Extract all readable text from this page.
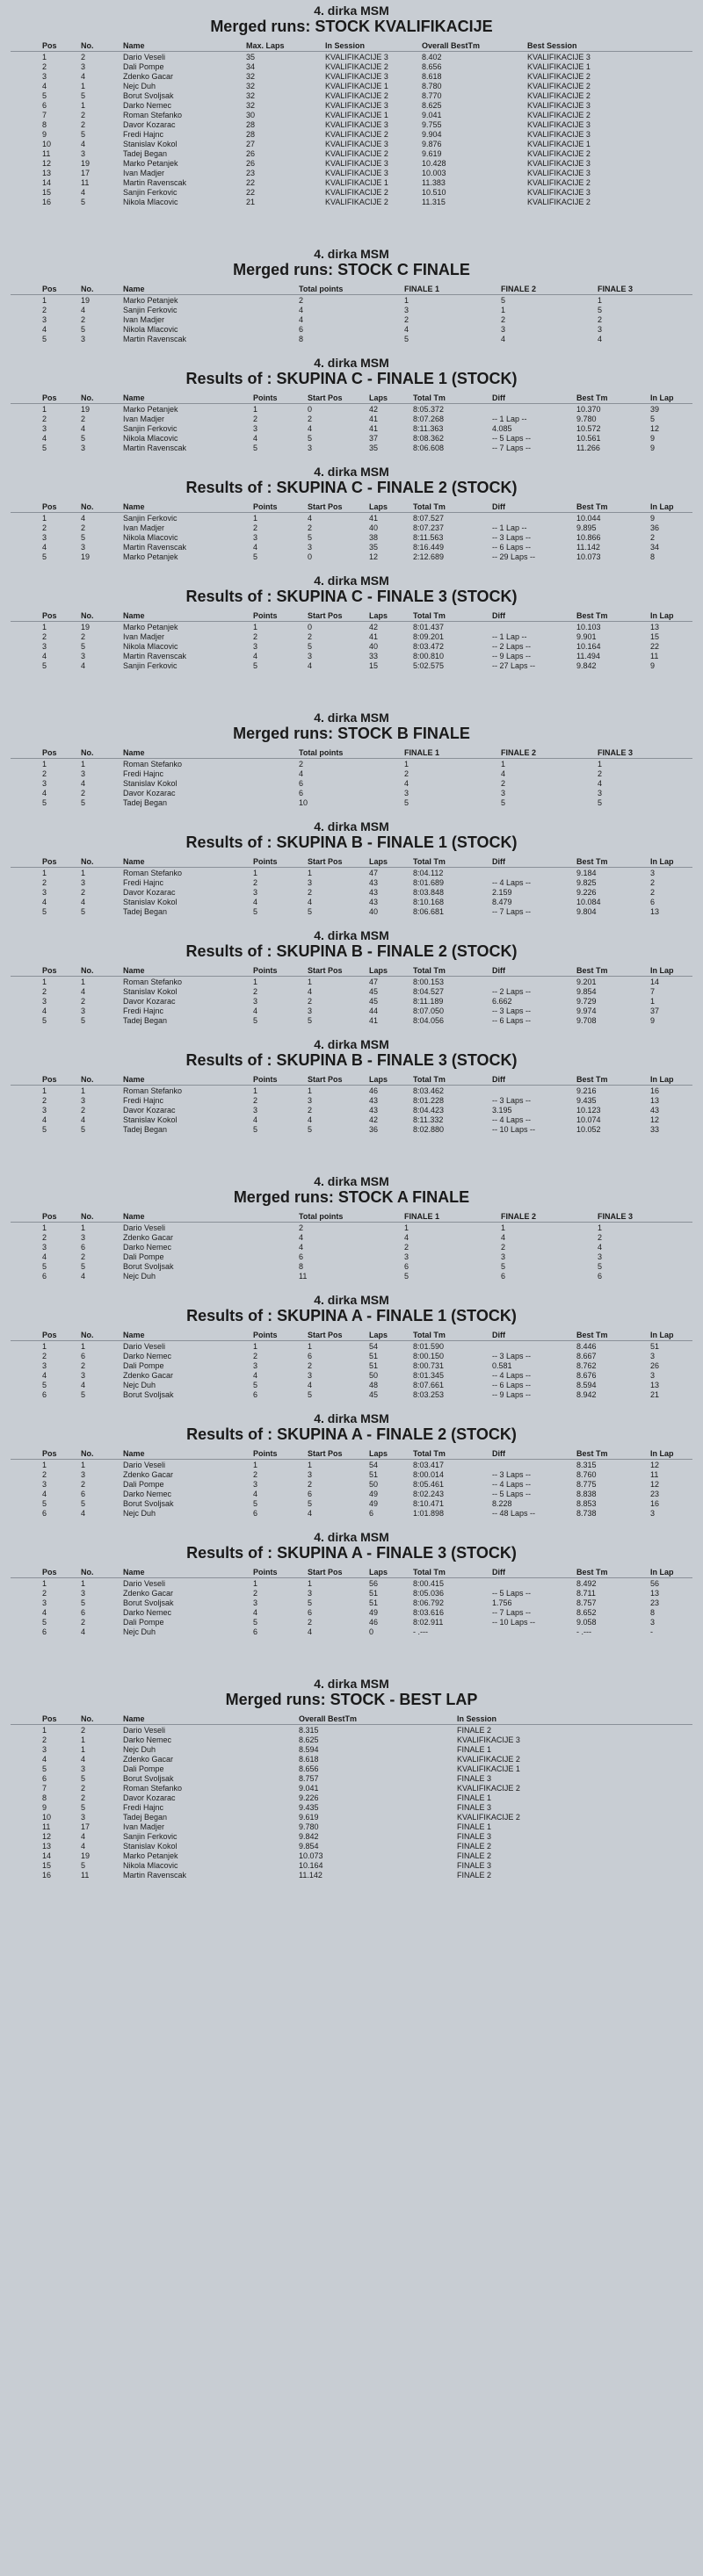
4. dirka MSM
Merged runs: STOCK KVALIFIKACIJE
Pos	No.	Name	Max. Laps	In Session	Overall BestTm	Best Session
1	2	Dario Veseli	35	KVALIFIKACIJE 3	8.402	KVALIFIKACIJE 3
2	3	Dali Pompe	34	KVALIFIKACIJE 2	8.656	KVALIFIKACIJE 1
3	4	Zdenko Gacar	32	KVALIFIKACIJE 3	8.618	KVALIFIKACIJE 2
4	1	Nejc Duh	32	KVALIFIKACIJE 1	8.780	KVALIFIKACIJE 2
5	5	Borut Svoljsak	32	KVALIFIKACIJE 2	8.770	KVALIFIKACIJE 2
6	1	Darko Nemec	32	KVALIFIKACIJE 3	8.625	KVALIFIKACIJE 3
7	2	Roman Stefanko	30	KVALIFIKACIJE 1	9.041	KVALIFIKACIJE 2
8	2	Davor Kozarac	28	KVALIFIKACIJE 3	9.755	KVALIFIKACIJE 3
9	5	Fredi Hajnc	28	KVALIFIKACIJE 2	9.904	KVALIFIKACIJE 3
10	4	Stanislav Kokol	27	KVALIFIKACIJE 3	9.876	KVALIFIKACIJE 1
11	3	Tadej Began	26	KVALIFIKACIJE 2	9.619	KVALIFIKACIJE 2
12	19	Marko Petanjek	26	KVALIFIKACIJE 3	10.428	KVALIFIKACIJE 3
13	17	Ivan Madjer	23	KVALIFIKACIJE 3	10.003	KVALIFIKACIJE 3
14	11	Martin Ravenscak	22	KVALIFIKACIJE 1	11.383	KVALIFIKACIJE 2
15	4	Sanjin Ferkovic	22	KVALIFIKACIJE 2	10.510	KVALIFIKACIJE 3
16	5	Nikola Mlacovic	21	KVALIFIKACIJE 2	11.315	KVALIFIKACIJE 2
4. dirka MSM
Merged runs: STOCK C FINALE
Pos	No.	Name	Total points	FINALE 1	FINALE 2	FINALE 3
1	19	Marko Petanjek	2	1	5	1
2	4	Sanjin Ferkovic	4	3	1	5
3	2	Ivan Madjer	4	2	2	2
4	5	Nikola Mlacovic	6	4	3	3
5	3	Martin Ravenscak	8	5	4	4
4. dirka MSM
Results of : SKUPINA C - FINALE 1 (STOCK)
Pos	No.	Name	Points	Start Pos	Laps	Total Tm	Diff	Best Tm	In Lap
1	19	Marko Petanjek	1	0	42	8:05.372		10.370	39
2	2	Ivan Madjer	2	2	41	8:07.268	-- 1 Lap --	9.780	5
3	4	Sanjin Ferkovic	3	4	41	8:11.363	4.085	10.572	12
4	5	Nikola Mlacovic	4	5	37	8:08.362	-- 5 Laps --	10.561	9
5	3	Martin Ravenscak	5	3	35	8:06.608	-- 7 Laps --	11.266	9
4. dirka MSM
Results of : SKUPINA C - FINALE 2 (STOCK)
Pos	No.	Name	Points	Start Pos	Laps	Total Tm	Diff	Best Tm	In Lap
1	4	Sanjin Ferkovic	1	4	41	8:07.527		10.044	9
2	2	Ivan Madjer	2	2	40	8:07.237	-- 1 Lap --	9.895	36
3	5	Nikola Mlacovic	3	5	38	8:11.563	-- 3 Laps --	10.866	2
4	3	Martin Ravenscak	4	3	35	8:16.449	-- 6 Laps --	11.142	34
5	19	Marko Petanjek	5	0	12	2:12.689	-- 29 Laps --	10.073	8
4. dirka MSM
Results of : SKUPINA C - FINALE 3 (STOCK)
Pos	No.	Name	Points	Start Pos	Laps	Total Tm	Diff	Best Tm	In Lap
1	19	Marko Petanjek	1	0	42	8:01.437		10.103	13
2	2	Ivan Madjer	2	2	41	8:09.201	-- 1 Lap --	9.901	15
3	5	Nikola Mlacovic	3	5	40	8:03.472	-- 2 Laps --	10.164	22
4	3	Martin Ravenscak	4	3	33	8:00.810	-- 9 Laps --	11.494	11
5	4	Sanjin Ferkovic	5	4	15	5:02.575	-- 27 Laps --	9.842	9
4. dirka MSM
Merged runs: STOCK B FINALE
Pos	No.	Name	Total points	FINALE 1	FINALE 2	FINALE 3
1	1	Roman Stefanko	2	1	1	1
2	3	Fredi Hajnc	4	2	4	2
3	4	Stanislav Kokol	6	4	2	4
4	2	Davor Kozarac	6	3	3	3
5	5	Tadej Began	10	5	5	5
4. dirka MSM
Results of : SKUPINA B - FINALE 1 (STOCK)
Pos	No.	Name	Points	Start Pos	Laps	Total Tm	Diff	Best Tm	In Lap
1	1	Roman Stefanko	1	1	47	8:04.112		9.184	3
2	3	Fredi Hajnc	2	3	43	8:01.689	-- 4 Laps --	9.825	2
3	2	Davor Kozarac	3	2	43	8:03.848	2.159	9.226	2
4	4	Stanislav Kokol	4	4	43	8:10.168	8.479	10.084	6
5	5	Tadej Began	5	5	40	8:06.681	-- 7 Laps --	9.804	13
4. dirka MSM
Results of : SKUPINA B - FINALE 2 (STOCK)
Pos	No.	Name	Points	Start Pos	Laps	Total Tm	Diff	Best Tm	In Lap
1	1	Roman Stefanko	1	1	47	8:00.153		9.201	14
2	4	Stanislav Kokol	2	4	45	8:04.527	-- 2 Laps --	9.854	7
3	2	Davor Kozarac	3	2	45	8:11.189	6.662	9.729	1
4	3	Fredi Hajnc	4	3	44	8:07.050	-- 3 Laps --	9.974	37
5	5	Tadej Began	5	5	41	8:04.056	-- 6 Laps --	9.708	9
4. dirka MSM
Results of : SKUPINA B - FINALE 3 (STOCK)
Pos	No.	Name	Points	Start Pos	Laps	Total Tm	Diff	Best Tm	In Lap
1	1	Roman Stefanko	1	1	46	8:03.462		9.216	16
2	3	Fredi Hajnc	2	3	43	8:01.228	-- 3 Laps --	9.435	13
3	2	Davor Kozarac	3	2	43	8:04.423	3.195	10.123	43
4	4	Stanislav Kokol	4	4	42	8:11.332	-- 4 Laps --	10.074	12
5	5	Tadej Began	5	5	36	8:02.880	-- 10 Laps --	10.052	33
4. dirka MSM
Merged runs: STOCK A FINALE
Pos	No.	Name	Total points	FINALE 1	FINALE 2	FINALE 3
1	1	Dario Veseli	2	1	1	1
2	3	Zdenko Gacar	4	4	4	2
3	6	Darko Nemec	4	2	2	4
4	2	Dali Pompe	6	3	3	3
5	5	Borut Svoljsak	8	6	5	5
6	4	Nejc Duh	11	5	6	6
4. dirka MSM
Results of : SKUPINA A - FINALE 1 (STOCK)
Pos	No.	Name	Points	Start Pos	Laps	Total Tm	Diff	Best Tm	In Lap
1	1	Dario Veseli	1	1	54	8:01.590		8.446	51
2	6	Darko Nemec	2	6	51	8:00.150	-- 3 Laps --	8.667	3
3	2	Dali Pompe	3	2	51	8:00.731	0.581	8.762	26
4	3	Zdenko Gacar	4	3	50	8:01.345	-- 4 Laps --	8.676	3
5	4	Nejc Duh	5	4	48	8:07.661	-- 6 Laps --	8.594	13
6	5	Borut Svoljsak	6	5	45	8:03.253	-- 9 Laps --	8.942	21
4. dirka MSM
Results of : SKUPINA A - FINALE 2 (STOCK)
Pos	No.	Name	Points	Start Pos	Laps	Total Tm	Diff	Best Tm	In Lap
1	1	Dario Veseli	1	1	54	8:03.417		8.315	12
2	3	Zdenko Gacar	2	3	51	8:00.014	-- 3 Laps --	8.760	11
3	2	Dali Pompe	3	2	50	8:05.461	-- 4 Laps --	8.775	12
4	6	Darko Nemec	4	6	49	8:02.243	-- 5 Laps --	8.838	23
5	5	Borut Svoljsak	5	5	49	8:10.471	8.228	8.853	16
6	4	Nejc Duh	6	4	6	1:01.898	-- 48 Laps --	8.738	3
4. dirka MSM
Results of : SKUPINA A - FINALE 3 (STOCK)
Pos	No.	Name	Points	Start Pos	Laps	Total Tm	Diff	Best Tm	In Lap
1	1	Dario Veseli	1	1	56	8:00.415		8.492	56
2	3	Zdenko Gacar	2	3	51	8:05.036	-- 5 Laps --	8.711	13
3	5	Borut Svoljsak	3	5	51	8:06.792	1.756	8.757	23
4	6	Darko Nemec	4	6	49	8:03.616	-- 7 Laps --	8.652	8
5	2	Dali Pompe	5	2	46	8:02.911	-- 10 Laps --	9.058	3
6	4	Nejc Duh	6	4	0	- .---		- .---	-
4. dirka MSM
Merged runs: STOCK - BEST LAP
Pos	No.	Name	Overall BestTm	In Session
1	2	Dario Veseli	8.315	FINALE 2
2	1	Darko Nemec	8.625	KVALIFIKACIJE 3
3	1	Nejc Duh	8.594	FINALE 1
4	4	Zdenko Gacar	8.618	KVALIFIKACIJE 2
5	3	Dali Pompe	8.656	KVALIFIKACIJE 1
6	5	Borut Svoljsak	8.757	FINALE 3
7	2	Roman Stefanko	9.041	KVALIFIKACIJE 2
8	2	Davor Kozarac	9.226	FINALE 1
9	5	Fredi Hajnc	9.435	FINALE 3
10	3	Tadej Began	9.619	KVALIFIKACIJE 2
11	17	Ivan Madjer	9.780	FINALE 1
12	4	Sanjin Ferkovic	9.842	FINALE 3
13	4	Stanislav Kokol	9.854	FINALE 2
14	19	Marko Petanjek	10.073	FINALE 2
15	5	Nikola Mlacovic	10.164	FINALE 3
16	11	Martin Ravenscak	11.142	FINALE 2
